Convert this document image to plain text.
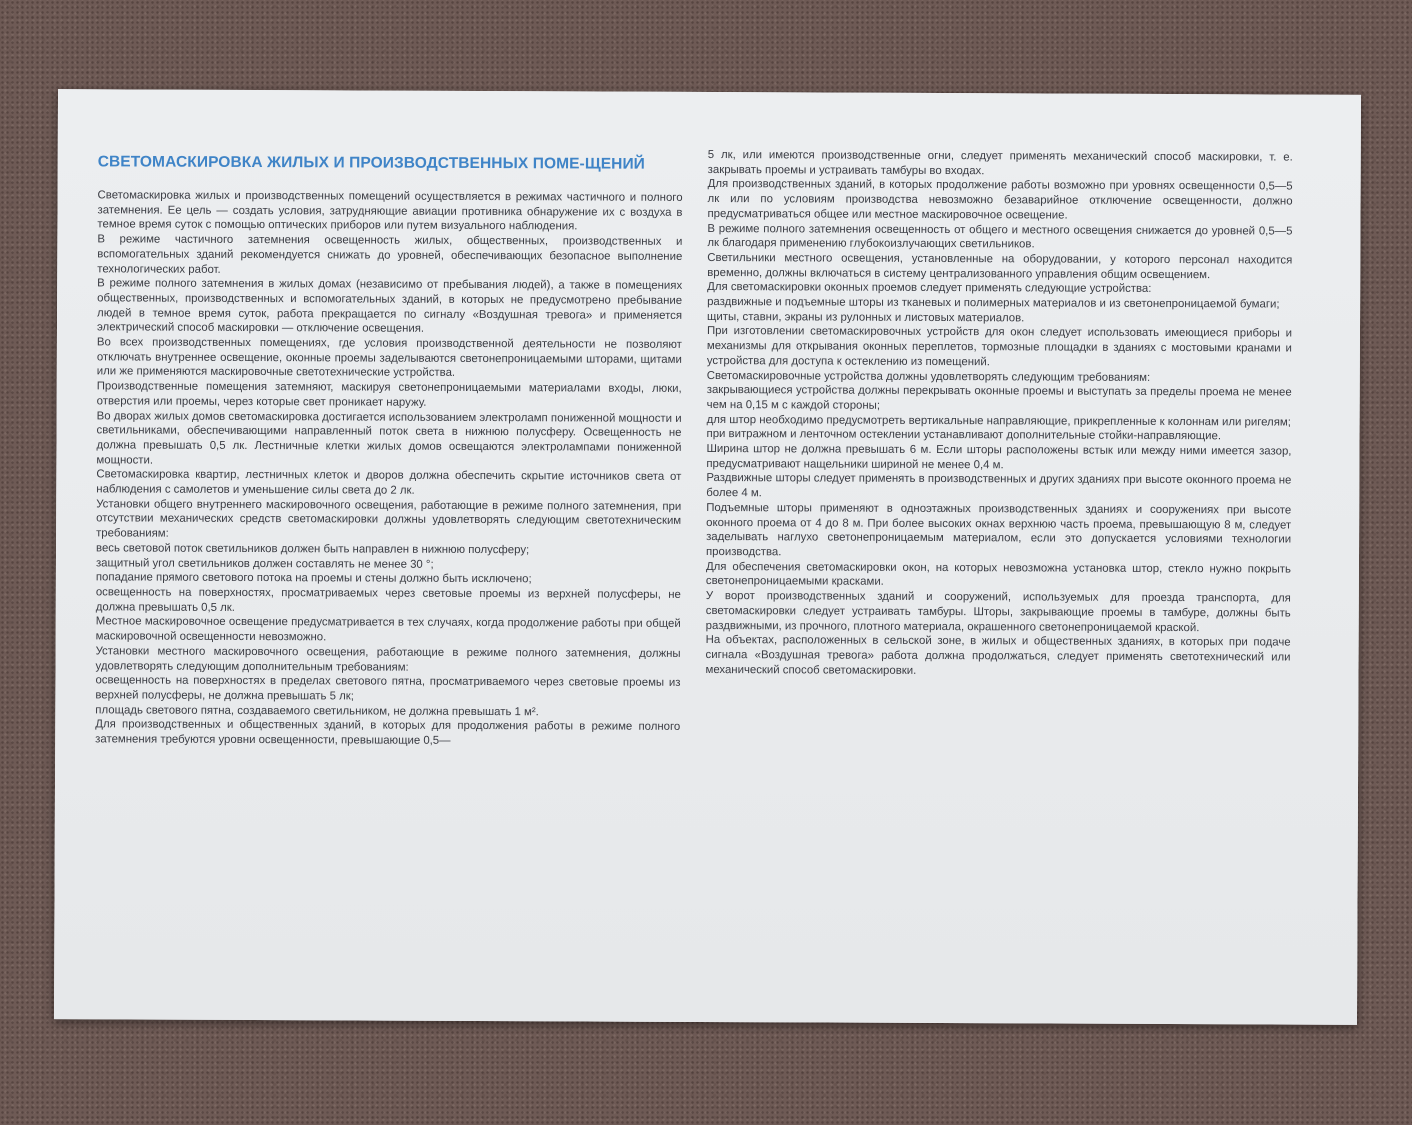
СВЕТОМАСКИРОВКА ЖИЛЫХ И ПРОИЗВОДСТВЕННЫХ ПОМЕ-ЩЕНИЙ

Светомаскировка жилых и производственных помещений осуществляется в режимах частичного и полного затемнения. Ее цель — создать условия, затрудняющие авиации противника обнаружение их с воздуха в темное время суток с помощью оптических приборов или путем визуального наблюдения.

В режиме частичного затемнения освещенность жилых, общественных, производственных и вспомогательных зданий рекомендуется снижать до уровней, обеспечивающих безопасное выполнение технологических работ.

В режиме полного затемнения в жилых домах (независимо от пребывания людей), а также в помещениях общественных, производственных и вспомогательных зданий, в которых не предусмотрено пребывание людей в темное время суток, работа прекращается по сигналу «Воздушная тревога» и применяется электрический способ маскировки — отключение освещения.

Во всех производственных помещениях, где условия производственной деятельности не позволяют отключать внутреннее освещение, оконные проемы заделываются светонепроницаемыми шторами, щитами или же применяются маскировочные светотехнические устройства.

Производственные помещения затемняют, маскируя светонепроницаемыми материалами входы, люки, отверстия или проемы, через которые свет проникает наружу.

Во дворах жилых домов светомаскировка достигается использованием электроламп пониженной мощности и светильниками, обеспечивающими направленный поток света в нижнюю полусферу. Освещенность не должна превышать 0,5 лк. Лестничные клетки жилых домов освещаются электролампами пониженной мощности.

Светомаскировка квартир, лестничных клеток и дворов должна обеспечить скрытие источников света от наблюдения с самолетов и уменьшение силы света до 2 лк.

Установки общего внутреннего маскировочного освещения, работающие в режиме полного затемнения, при отсутствии механических средств светомаскировки должны удовлетворять следующим светотехническим требованиям:

весь световой поток светильников должен быть направлен в нижнюю полусферу;

защитный угол светильников должен составлять не менее 30 °;

попадание прямого светового потока на проемы и стены должно быть исключено;

освещенность на поверхностях, просматриваемых через световые проемы из верхней полусферы, не должна превышать 0,5 лк.

Местное маскировочное освещение предусматривается в тех случаях, когда продолжение работы при общей маскировочной освещенности невозможно.

Установки местного маскировочного освещения, работающие в режиме полного затемнения, должны удовлетворять следующим дополнительным требованиям:

освещенность на поверхностях в пределах светового пятна, просматриваемого через световые проемы из верхней полусферы, не должна превышать 5 лк;

площадь светового пятна, создаваемого светильником, не должна превышать 1 м².

Для производственных и общественных зданий, в которых для продолжения работы в режиме полного затемнения требуются уровни освещенности, превышающие 0,5—

5 лк, или имеются производственные огни, следует применять механический способ маскировки, т. е. закрывать проемы и устраивать тамбуры во входах.

Для производственных зданий, в которых продолжение работы возможно при уровнях освещенности 0,5—5 лк или по условиям производства невозможно безаварийное отключение освещенности, должно предусматриваться общее или местное маскировочное освещение.

В режиме полного затемнения освещенность от общего и местного освещения снижается до уровней 0,5—5 лк благодаря применению глубокоизлучающих светильников.

Светильники местного освещения, установленные на оборудовании, у которого персонал находится временно, должны включаться в систему централизованного управления общим освещением.

Для светомаскировки оконных проемов следует применять следующие устройства:

раздвижные и подъемные шторы из тканевых и полимерных материалов и из светонепроницаемой бумаги;

щиты, ставни, экраны из рулонных и листовых материалов.

При изготовлении светомаскировочных устройств для окон следует использовать имеющиеся приборы и механизмы для открывания оконных переплетов, тормозные площадки в зданиях с мостовыми кранами и устройства для доступа к остеклению из помещений.

Светомаскировочные устройства должны удовлетворять следующим требованиям:

закрывающиеся устройства должны перекрывать оконные проемы и выступать за пределы проема не менее чем на 0,15 м с каждой стороны;

для штор необходимо предусмотреть вертикальные направляющие, прикрепленные к колоннам или ригелям;

при витражном и ленточном остеклении устанавливают дополнительные стойки-направляющие.

Ширина штор не должна превышать 6 м. Если шторы расположены встык или между ними имеется зазор, предусматривают нащельники шириной не менее 0,4 м.

Раздвижные шторы следует применять в производственных и других зданиях при высоте оконного проема не более 4 м.

Подъемные шторы применяют в одноэтажных производственных зданиях и сооружениях при высоте оконного проема от 4 до 8 м. При более высоких окнах верхнюю часть проема, превышающую 8 м, следует заделывать наглухо светонепроницаемым материалом, если это допускается условиями технологии производства.

Для обеспечения светомаскировки окон, на которых невозможна установка штор, стекло нужно покрыть светонепроницаемыми красками.

У ворот производственных зданий и сооружений, используемых для проезда транспорта, для светомаскировки следует устраивать тамбуры. Шторы, закрывающие проемы в тамбуре, должны быть раздвижными, из прочного, плотного материала, окрашенного светонепроницаемой краской.

На объектах, расположенных в сельской зоне, в жилых и общественных зданиях, в которых при подаче сигнала «Воздушная тревога» работа должна продолжаться, следует применять светотехнический или механический способ светомаскировки.
